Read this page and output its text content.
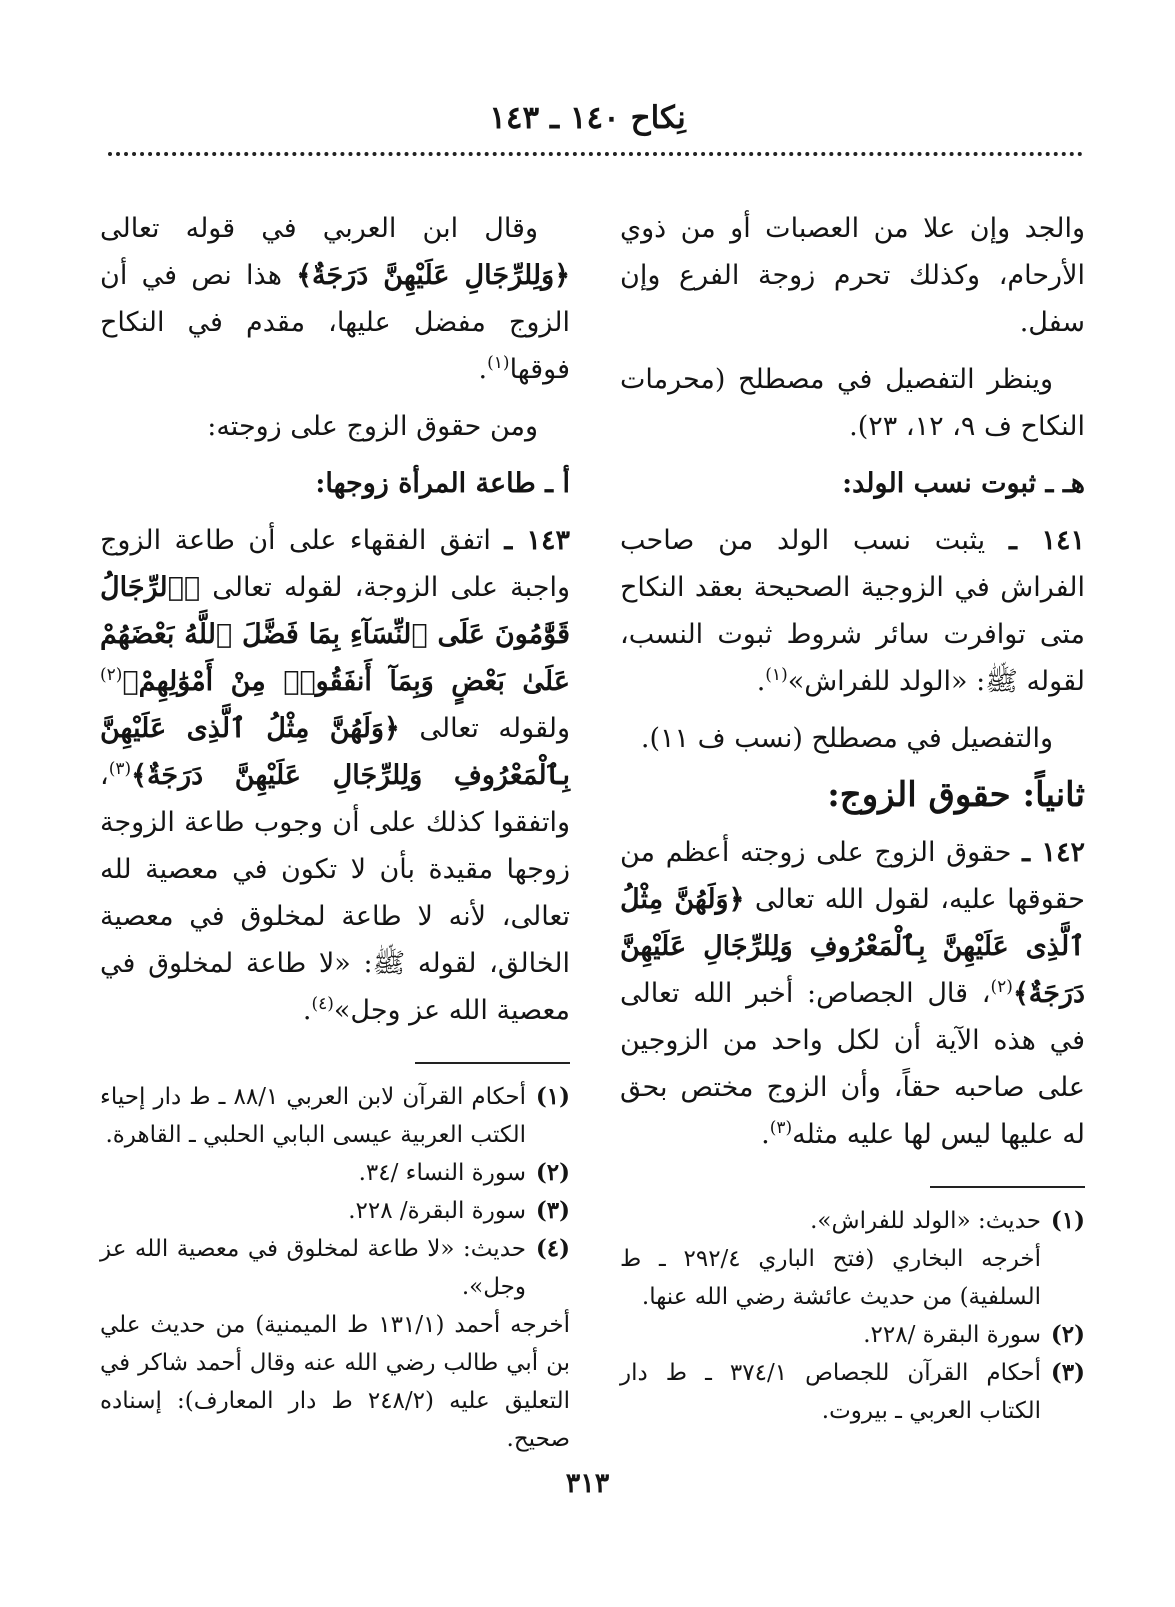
نِكاح ١٤٠ ـ ١٤٣

والجد وإن علا من العصبات أو من ذوي الأرحام، وكذلك تحرم زوجة الفرع وإن سفل.

وينظر التفصيل في مصطلح (محرمات النكاح ف ٩، ١٢، ٢٣).

هـ ـ ثبوت نسب الولد:

١٤١ ـ يثبت نسب الولد من صاحب الفراش في الزوجية الصحيحة بعقد النكاح متى توافرت سائر شروط ثبوت النسب، لقوله ﷺ: «الولد للفراش»$^{(١)}$.

والتفصيل في مصطلح (نسب ف ١١).

ثانياً: حقوق الزوج:

١٤٢ ـ حقوق الزوج على زوجته أعظم من حقوقها عليه، لقول الله تعالى ﴿وَلَهُنَّ مِثْلُ ٱلَّذِى عَلَيْهِنَّ بِٱلْمَعْرُوفِ وَلِلرِّجَالِ عَلَيْهِنَّ دَرَجَةٌ﴾$^{(٢)}$، قال الجصاص: أخبر الله تعالى في هذه الآية أن لكل واحد من الزوجين على صاحبه حقاً، وأن الزوج مختص بحق له عليها ليس لها عليه مثله$^{(٣)}$.

(١)
حديث: «الولد للفراش».
أخرجه البخاري (فتح الباري ٢٩٢/٤ ـ ط السلفية) من حديث عائشة رضي الله عنها.
(٢)
سورة البقرة /٢٢٨.
(٣)
أحكام القرآن للجصاص ٣٧٤/١ ـ ط دار الكتاب العربي ـ بيروت.

وقال ابن العربي في قوله تعالى ﴿وَلِلرِّجَالِ عَلَيْهِنَّ دَرَجَةٌ﴾ هذا نص في أن الزوج مفضل عليها، مقدم في النكاح فوقها$^{(١)}$.

ومن حقوق الزوج على زوجته:

أ ـ طاعة المرأة زوجها:

١٤٣ ـ اتفق الفقهاء على أن طاعة الزوج واجبة على الزوجة، لقوله تعالى ﴿ٱلرِّجَالُ قَوَّٰمُونَ عَلَى ٱلنِّسَآءِ بِمَا فَضَّلَ ٱللَّهُ بَعْضَهُمْ عَلَىٰ بَعْضٍ وَبِمَآ أَنفَقُوا۟ مِنْ أَمْوَٰلِهِمْ﴾$^{(٢)}$ ولقوله تعالى ﴿وَلَهُنَّ مِثْلُ ٱلَّذِى عَلَيْهِنَّ بِٱلْمَعْرُوفِ وَلِلرِّجَالِ عَلَيْهِنَّ دَرَجَةٌ﴾$^{(٣)}$، واتفقوا كذلك على أن وجوب طاعة الزوجة زوجها مقيدة بأن لا تكون في معصية لله تعالى، لأنه لا طاعة لمخلوق في معصية الخالق، لقوله ﷺ: «لا طاعة لمخلوق في معصية الله عز وجل»$^{(٤)}$.

(١)
أحكام القرآن لابن العربي ٨٨/١ ـ ط دار إحياء الكتب العربية عيسى البابي الحلبي ـ القاهرة.
(٢)
سورة النساء /٣٤.
(٣)
سورة البقرة/ ٢٢٨.
(٤)
حديث: «لا طاعة لمخلوق في معصية الله عز وجل».

أخرجه أحمد (١٣١/١ ط الميمنية) من حديث علي بن أبي طالب رضي الله عنه وقال أحمد شاكر في التعليق عليه (٢٤٨/٢ ط دار المعارف): إسناده صحيح.

٣١٣
